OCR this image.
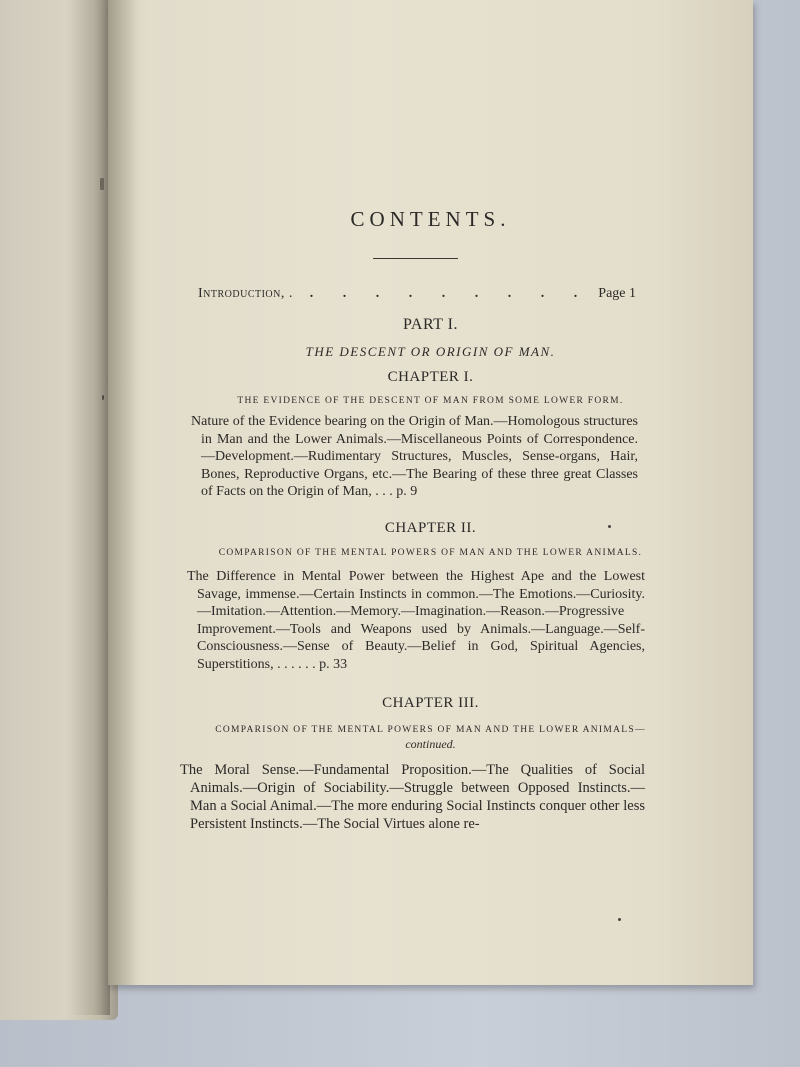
CONTENTS.
Introduction, .	. . . . . . . . . Page 1
PART I.
THE DESCENT OR ORIGIN OF MAN.
CHAPTER I.
THE EVIDENCE OF THE DESCENT OF MAN FROM SOME LOWER FORM.
Nature of the Evidence bearing on the Origin of Man.—Homologous structures in Man and the Lower Animals.—Miscellaneous Points of Correspondence.—Development.—Rudimentary Structures, Muscles, Sense-organs, Hair, Bones, Reproductive Organs, etc.—The Bearing of these three great Classes of Facts on the Origin of Man, . . . p. 9
CHAPTER II.
COMPARISON OF THE MENTAL POWERS OF MAN AND THE LOWER ANIMALS.
The Difference in Mental Power between the Highest Ape and the Lowest Savage, immense.—Certain Instincts in common.—The Emotions.—Curiosity.—Imitation.—Attention.—Memory.—Imagination.—Reason.—Progressive Improvement.—Tools and Weapons used by Animals.—Language.—Self-Consciousness.—Sense of Beauty.—Belief in God, Spiritual Agencies, Superstitions, . . . . . . p. 33
CHAPTER III.
COMPARISON OF THE MENTAL POWERS OF MAN AND THE LOWER ANIMALS—
continued.
The Moral Sense.—Fundamental Proposition.—The Qualities of Social Animals.—Origin of Sociability.—Struggle between Opposed Instincts.—Man a Social Animal.—The more enduring Social Instincts conquer other less Persistent Instincts.—The Social Virtues alone re-
